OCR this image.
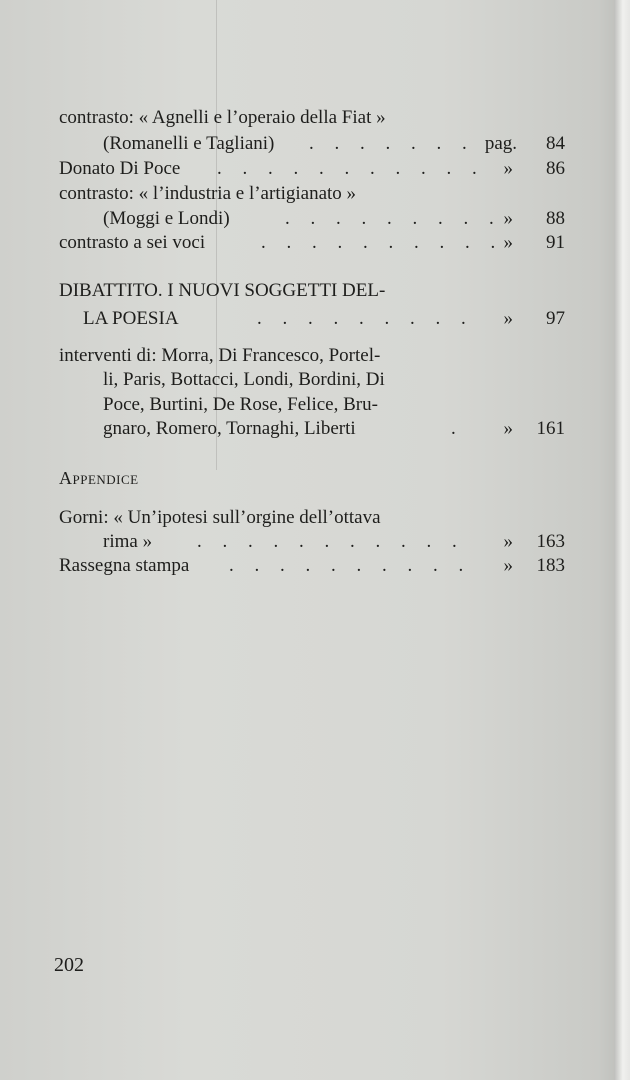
contrasto: « Agnelli e l’operaio della Fiat »
(Romanelli e Tagliani) . . . . . . . pag. 84
Donato Di Poce . . . . . . . . . . . » 86
contrasto: « l’industria e l’artigianato »
(Moggi e Londi)	. . . . . . . . . » 88
contrasto a sei voci	. . . . . . . . . . » 91
DIBATTITO. I NUOVI SOGGETTI DEL-
LA POESIA	. . . . . . . . . » 97
interventi di: Morra, Di Francesco, Portel-
li, Paris, Bottacci, Londi, Bordini, Di
Poce, Burtini, De Rose, Felice, Bru-
gnaro, Romero, Tornaghi, Liberti	. » 161
Appendice
Gorni: « Un’ipotesi sull’orgine dell’ottava
rima » . . . . . . . . . . . » 163
Rassegna stampa . . . . . . . . . . » 183
202
